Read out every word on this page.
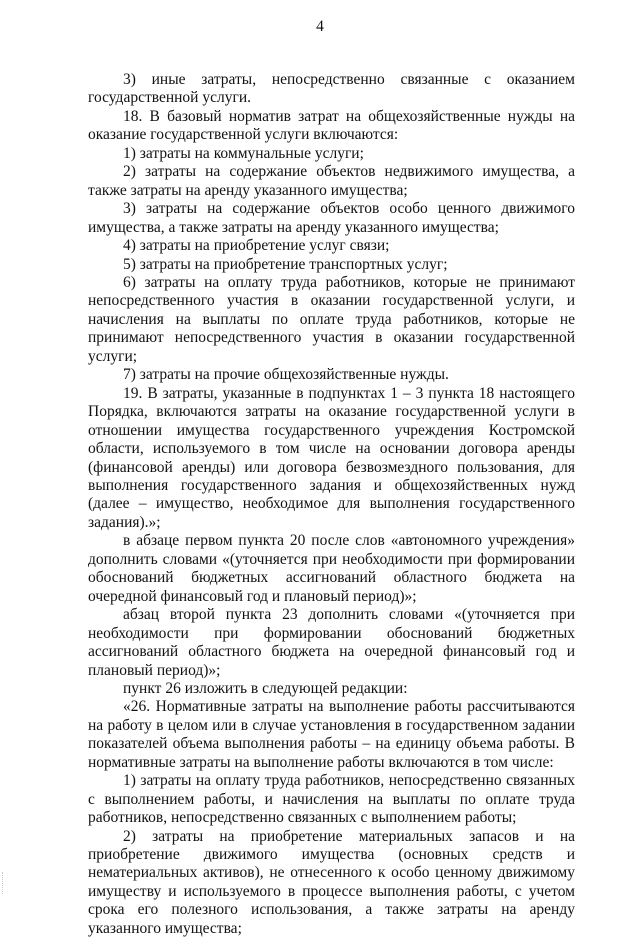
4

3) иные затраты, непосредственно связанные с оказанием государственной услуги.

18. В базовый норматив затрат на общехозяйственные нужды на оказание государственной услуги включаются:

1) затраты на коммунальные услуги;

2) затраты на содержание объектов недвижимого имущества, а также затраты на аренду указанного имущества;

3) затраты на содержание объектов особо ценного движимого имущества, а также затраты на аренду указанного имущества;

4) затраты на приобретение услуг связи;

5) затраты на приобретение транспортных услуг;

6) затраты на оплату труда работников, которые не принимают непосредственного участия в оказании государственной услуги, и начисления на выплаты по оплате труда работников, которые не принимают непосредственного участия в оказании государственной услуги;

7) затраты на прочие общехозяйственные нужды.

19. В затраты, указанные в подпунктах 1 – 3 пункта 18 настоящего Порядка, включаются затраты на оказание государственной услуги в отношении имущества государственного учреждения Костромской области, используемого в том числе на основании договора аренды (финансовой аренды) или договора безвозмездного пользования, для выполнения государственного задания и общехозяйственных нужд (далее – имущество, необходимое для выполнения государственного задания).»;

в абзаце первом пункта 20 после слов «автономного учреждения» дополнить словами «(уточняется при необходимости при формировании обоснований бюджетных ассигнований областного бюджета на очередной финансовый год и плановый период)»;

абзац второй пункта 23 дополнить словами «(уточняется при необходимости при формировании обоснований бюджетных ассигнований областного бюджета на очередной финансовый год и плановый период)»;

пункт 26 изложить в следующей редакции:

«26. Нормативные затраты на выполнение работы рассчитываются на работу в целом или в случае установления в государственном задании показателей объема выполнения работы – на единицу объема работы. В нормативные затраты на выполнение работы включаются в том числе:

1) затраты на оплату труда работников, непосредственно связанных с выполнением работы, и начисления на выплаты по оплате труда работников, непосредственно связанных с выполнением работы;

2) затраты на приобретение материальных запасов и на приобретение движимого имущества (основных средств и нематериальных активов), не отнесенного к особо ценному движимому имуществу и используемого в процессе выполнения работы, с учетом срока его полезного использования, а также затраты на аренду указанного имущества;
